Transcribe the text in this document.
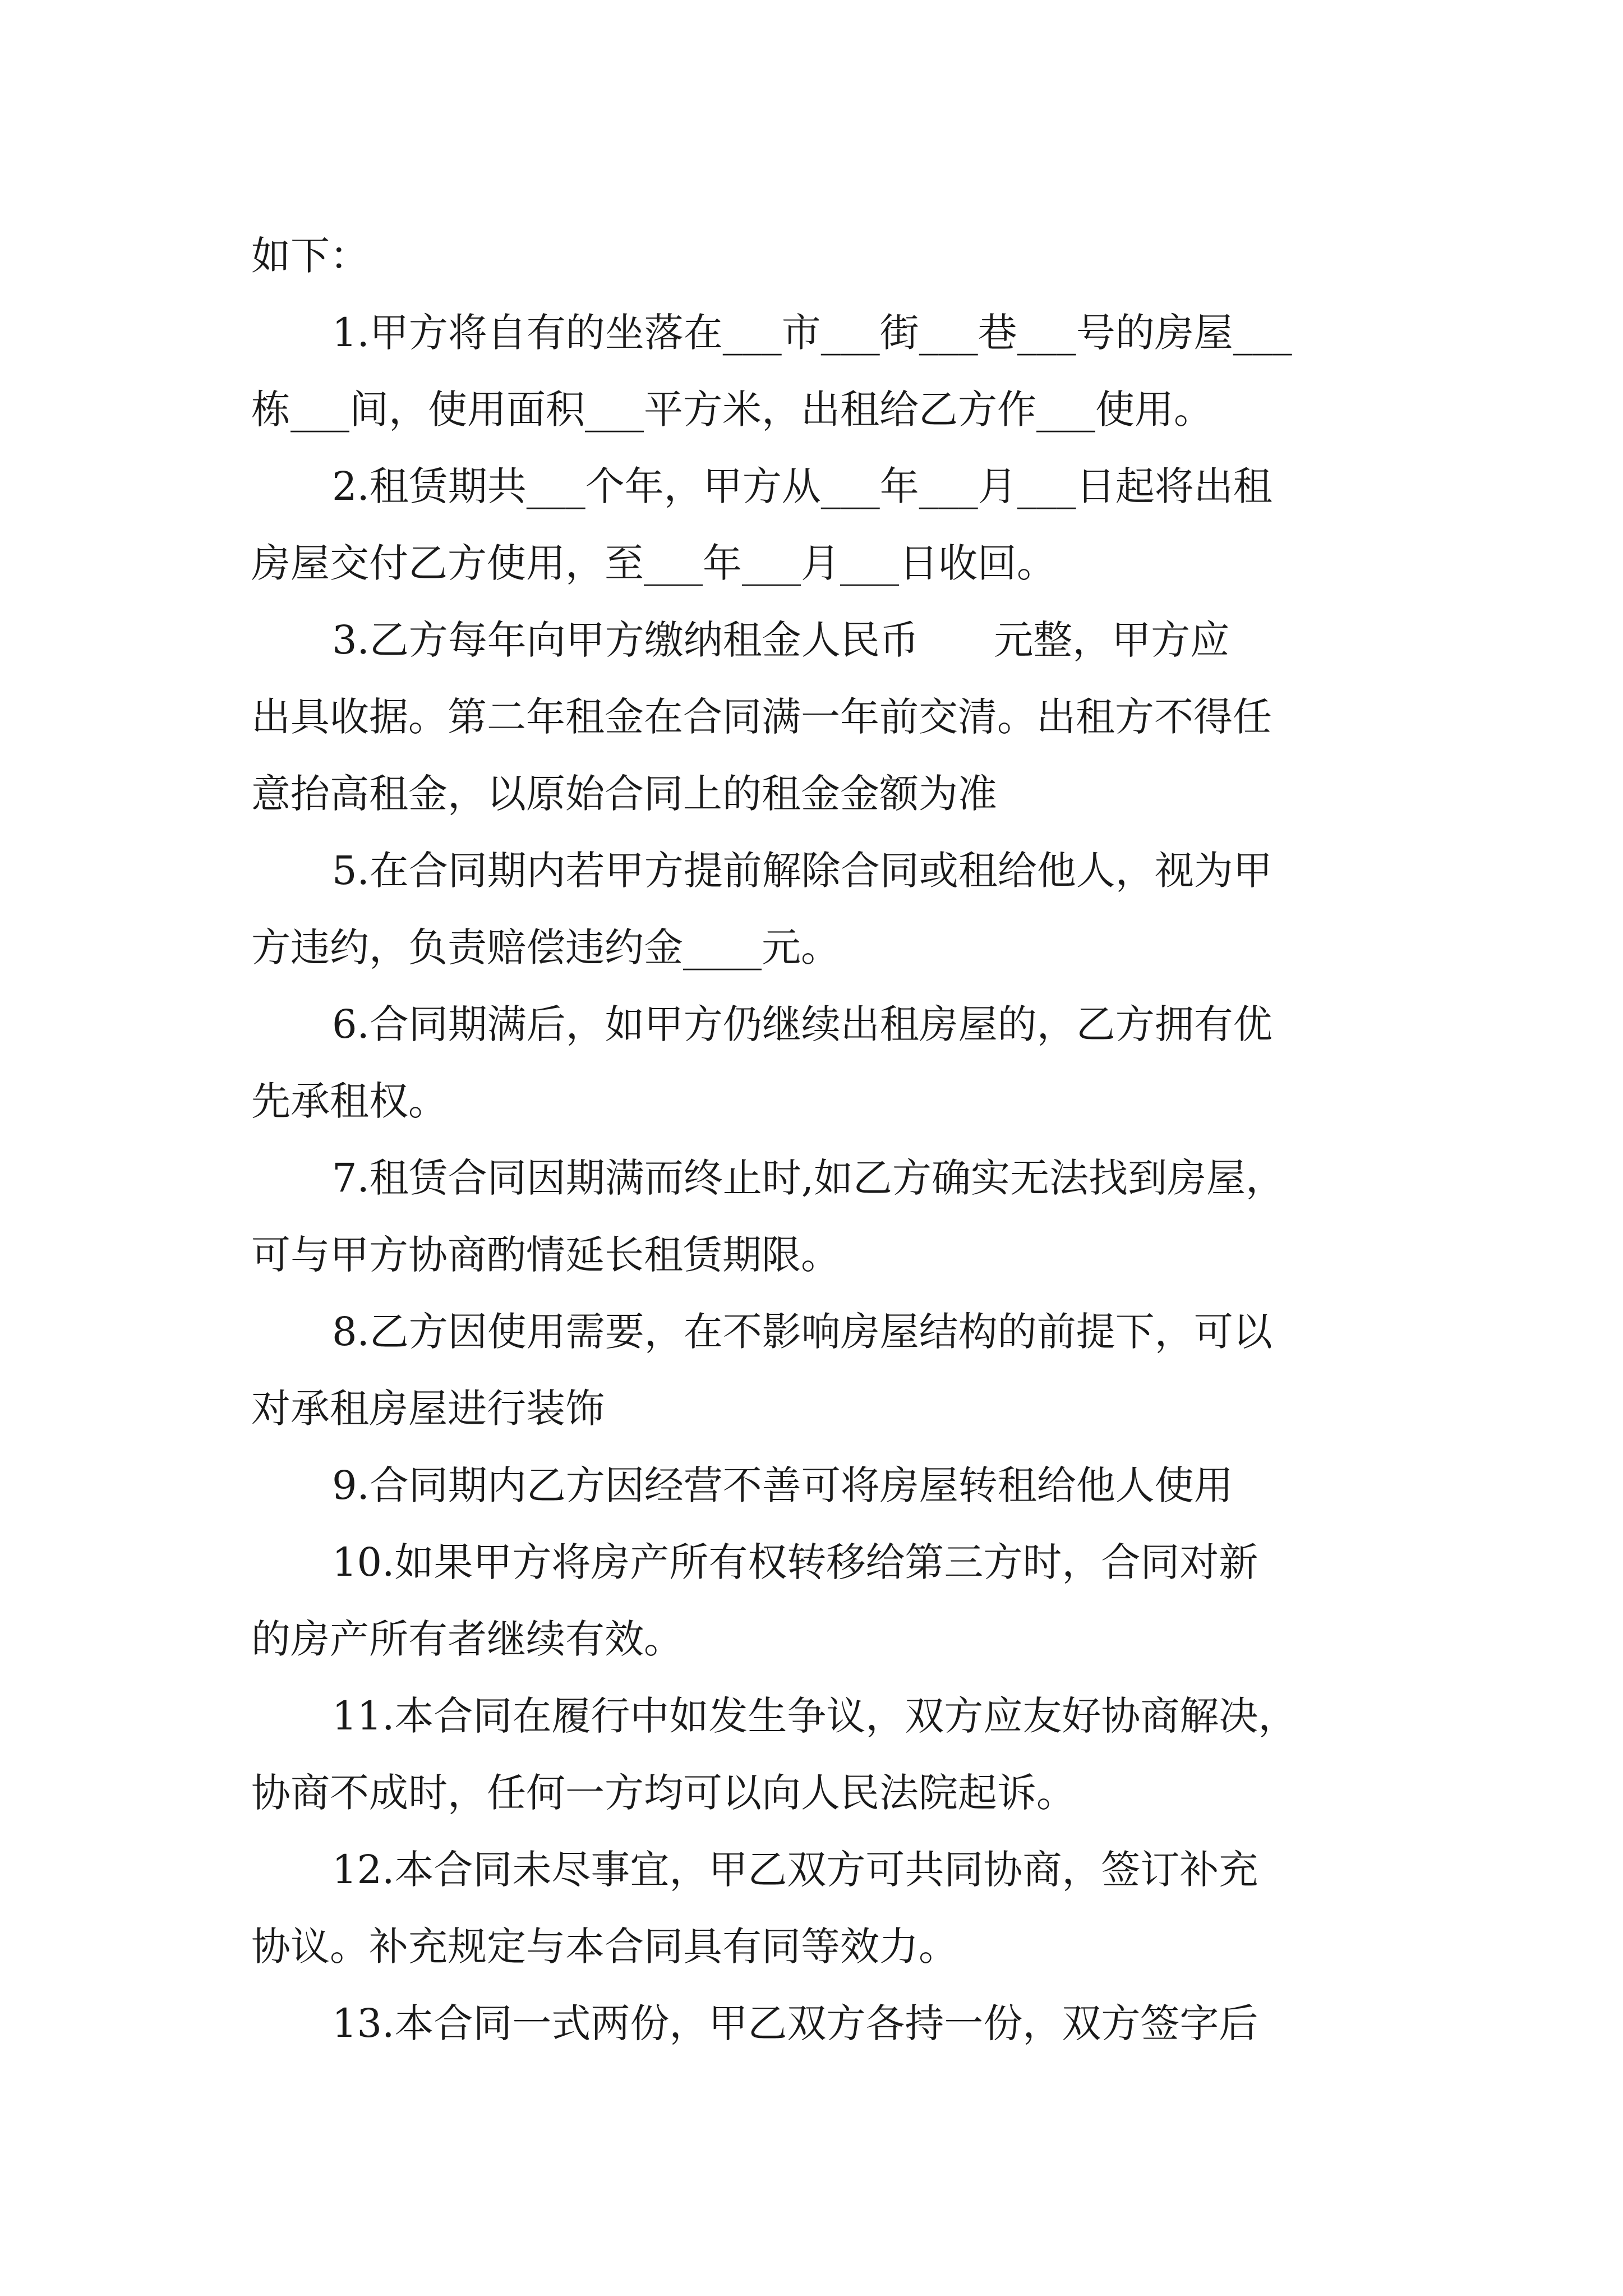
如下：
1.甲方将自有的坐落在___市___街___巷___号的房屋___
栋___间，使用面积___平方米，出租给乙方作___使用。
2.租赁期共___个年，甲方从___年___月___日起将出租
房屋交付乙方使用，至___年___月___日收回。
3.乙方每年向甲方缴纳租金人民币      元整，甲方应
出具收据。第二年租金在合同满一年前交清。出租方不得任
意抬高租金，以原始合同上的租金金额为准
5.在合同期内若甲方提前解除合同或租给他人，视为甲
方违约，负责赔偿违约金____元。
6.合同期满后，如甲方仍继续出租房屋的，乙方拥有优
先承租权。
7.租赁合同因期满而终止时,如乙方确实无法找到房屋，
可与甲方协商酌情延长租赁期限。
8.乙方因使用需要，在不影响房屋结构的前提下，可以
对承租房屋进行装饰
9.合同期内乙方因经营不善可将房屋转租给他人使用
10.如果甲方将房产所有权转移给第三方时，合同对新
的房产所有者继续有效。
11.本合同在履行中如发生争议，双方应友好协商解决，
协商不成时，任何一方均可以向人民法院起诉。
12.本合同未尽事宜，甲乙双方可共同协商，签订补充
协议。补充规定与本合同具有同等效力。
13.本合同一式两份，甲乙双方各持一份，双方签字后
